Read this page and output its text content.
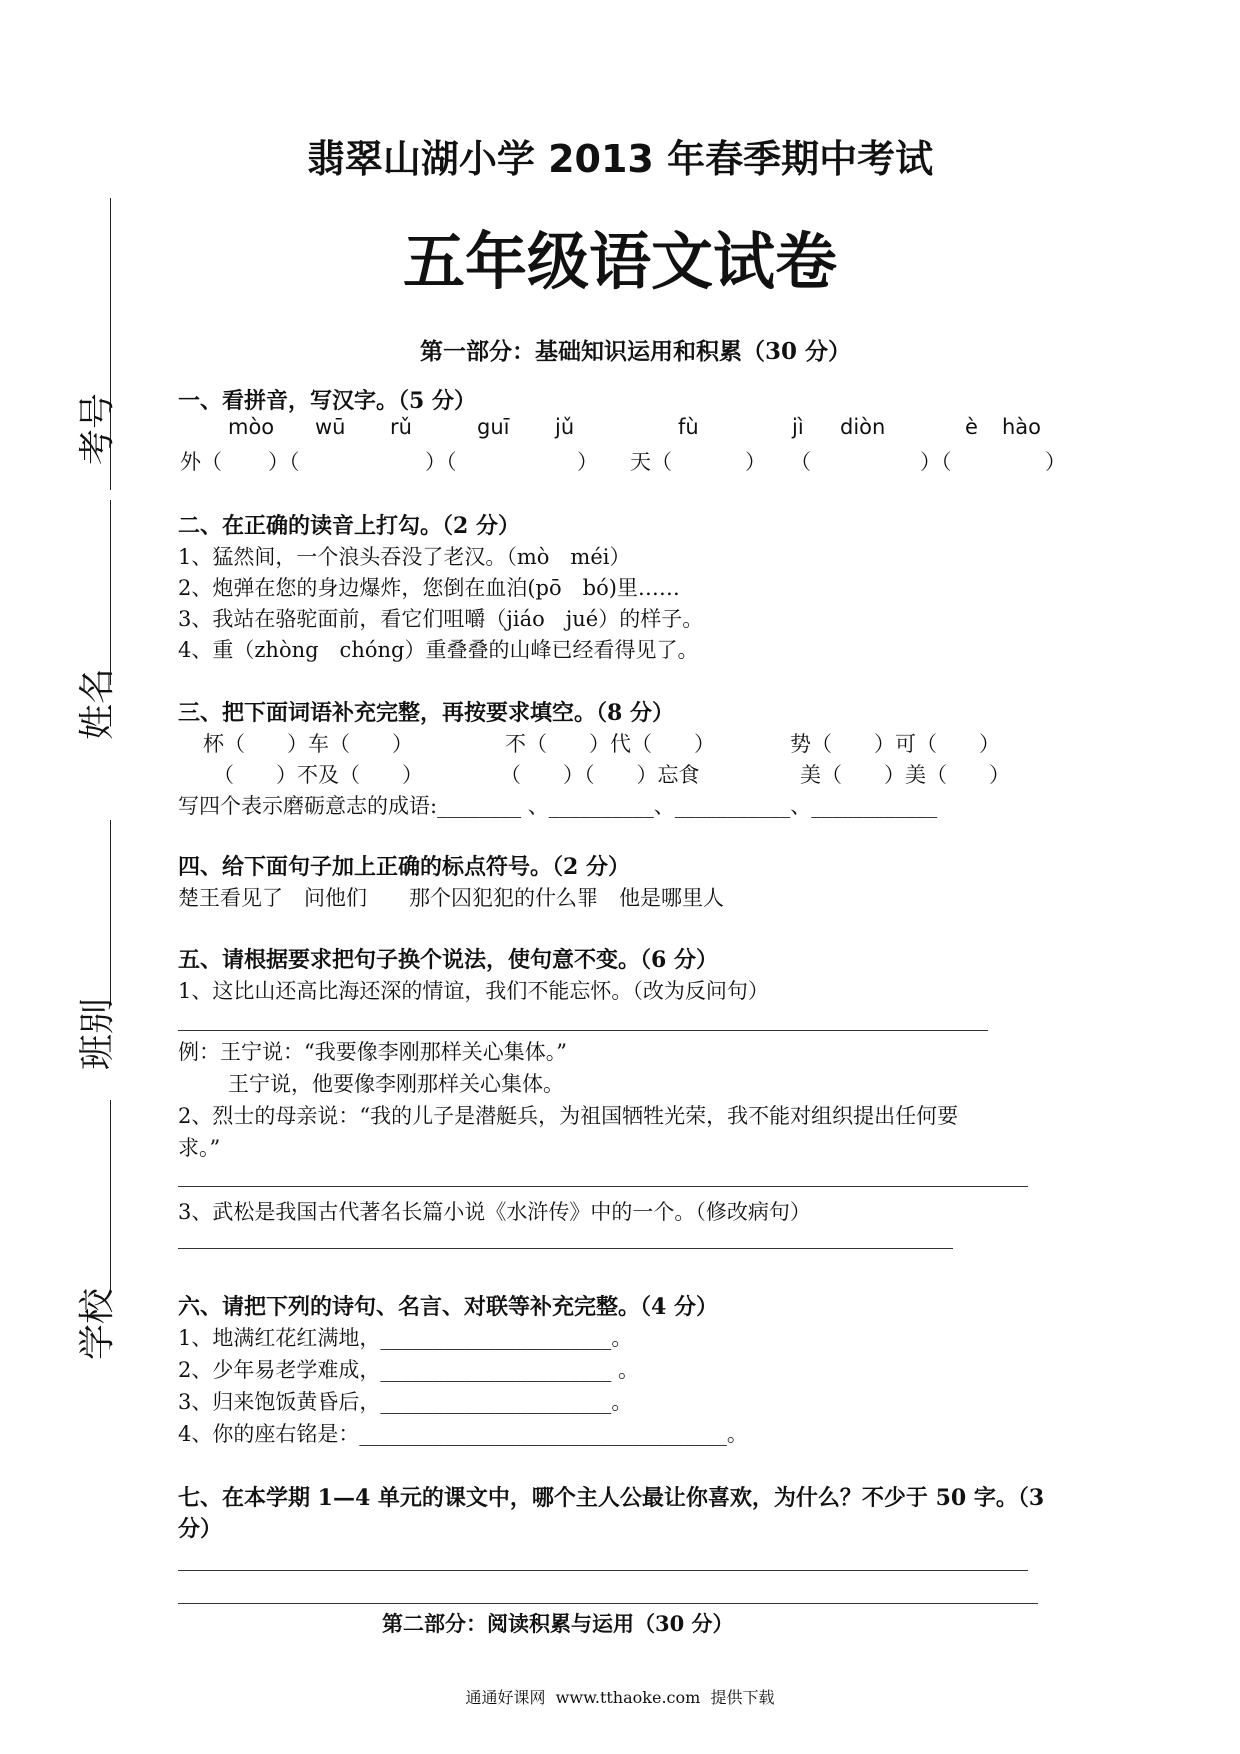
考号
姓名
班别
学校
翡翠山湖小学 2013 年春季期中考试
五年级语文试卷
第一部分：基础知识运用和积累（30 分）
一、看拼音，写汉字。（5 分）
mòo wū rǔ	guī jǔ	fù	jì diòn	è hào
外（ ）（	）（	） 天（	） （	）（	）
二、在正确的读音上打勾。（2 分）
1、猛然间，一个浪头吞没了老汉。（mò　méi）
2、炮弹在您的身边爆炸，您倒在血泊(pō　bó)里……
3、我站在骆驼面前，看它们咀嚼（jiáo　jué）的样子。
4、重（zhòng　chóng）重叠叠的山峰已经看得见了。
三、把下面词语补充完整，再按要求填空。（8 分）
杯（　　）车（　　）	不（　　）代（　　）	势（　　）可（　　）
（　　）不及（　　）	（　　）（　　）忘食	美（　　）美（　　）
写四个表示磨砺意志的成语:________ 、__________、___________、____________
四、给下面句子加上正确的标点符号。（2 分）
楚王看见了　问他们　　那个囚犯犯的什么罪　他是哪里人
五、请根据要求把句子换个说法，使句意不变。（6 分）
1、这比山还高比海还深的情谊，我们不能忘怀。（改为反问句）
例：王宁说：“我要像李刚那样关心集体。”
王宁说，他要像李刚那样关心集体。
2、烈士的母亲说：“我的儿子是潜艇兵，为祖国牺牲光荣，我不能对组织提出任何要
求。”
3、武松是我国古代著名长篇小说《水浒传》中的一个。（修改病句）
六、请把下列的诗句、名言、对联等补充完整。（4 分）
1、地满红花红满地，______________________。
2、少年易老学难成，______________________ 。
3、归来饱饭黄昏后，______________________。
4、你的座右铭是：___________________________________。
七、在本学期 1—4 单元的课文中，哪个主人公最让你喜欢，为什么？不少于 50 字。（3
分）
第二部分：阅读积累与运用（30 分）
通通好课网  www.tthaoke.com  提供下载
